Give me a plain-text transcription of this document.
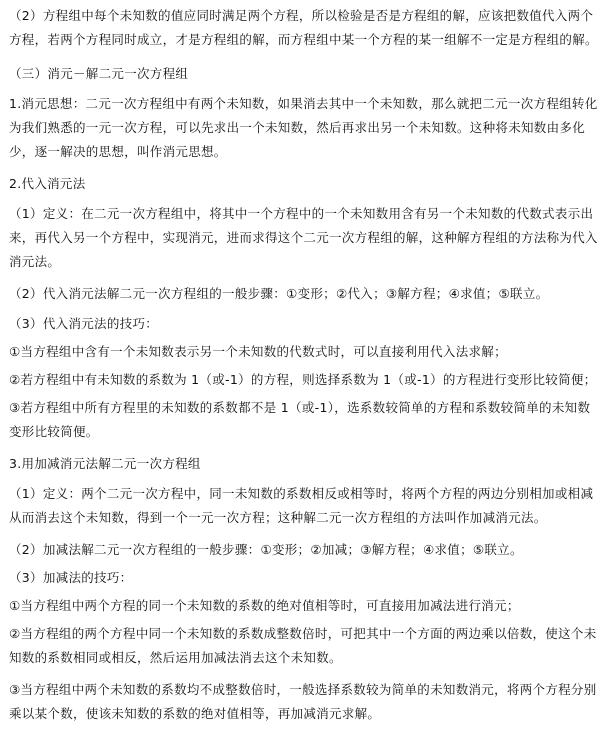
（2）方程组中每个未知数的值应同时满足两个方程，所以检验是否是方程组的解，应该把数值代入两个方程，若两个方程同时成立，才是方程组的解，而方程组中某一个方程的某一组解不一定是方程组的解。
（三）消元－解二元一次方程组
1.消元思想：二元一次方程组中有两个未知数，如果消去其中一个未知数，那么就把二元一次方程组转化为我们熟悉的一元一次方程，可以先求出一个未知数，然后再求出另一个未知数。这种将未知数由多化少，逐一解决的思想，叫作消元思想。
2.代入消元法
（1）定义：在二元一次方程组中，将其中一个方程中的一个未知数用含有另一个未知数的代数式表示出来，再代入另一个方程中，实现消元，进而求得这个二元一次方程组的解，这种解方程组的方法称为代入消元法。
（2）代入消元法解二元一次方程组的一般步骤：①变形；②代入；③解方程；④求值；⑤联立。
（3）代入消元法的技巧：
①当方程组中含有一个未知数表示另一个未知数的代数式时，可以直接利用代入法求解；
②若方程组中有未知数的系数为 1（或-1）的方程，则选择系数为 1（或-1）的方程进行变形比较简便；
③若方程组中所有方程里的未知数的系数都不是 1（或-1），选系数较简单的方程和系数较简单的未知数变形比较简便。
3.用加减消元法解二元一次方程组
（1）定义：两个二元一次方程中，同一未知数的系数相反或相等时，将两个方程的两边分别相加或相减从而消去这个未知数，得到一个一元一次方程；这种解二元一次方程组的方法叫作加减消元法。
（2）加减法解二元一次方程组的一般步骤：①变形；②加减；③解方程；④求值；⑤联立。
（3）加减法的技巧：
①当方程组中两个方程的同一个未知数的系数的绝对值相等时，可直接用加减法进行消元；
②当方程组的两个方程中同一个未知数的系数成整数倍时，可把其中一个方面的两边乘以倍数，使这个未知数的系数相同或相反，然后运用加减法消去这个未知数。
③当方程组中两个未知数的系数均不成整数倍时，一般选择系数较为简单的未知数消元，将两个方程分别乘以某个数，使该未知数的系数的绝对值相等，再加减消元求解。
